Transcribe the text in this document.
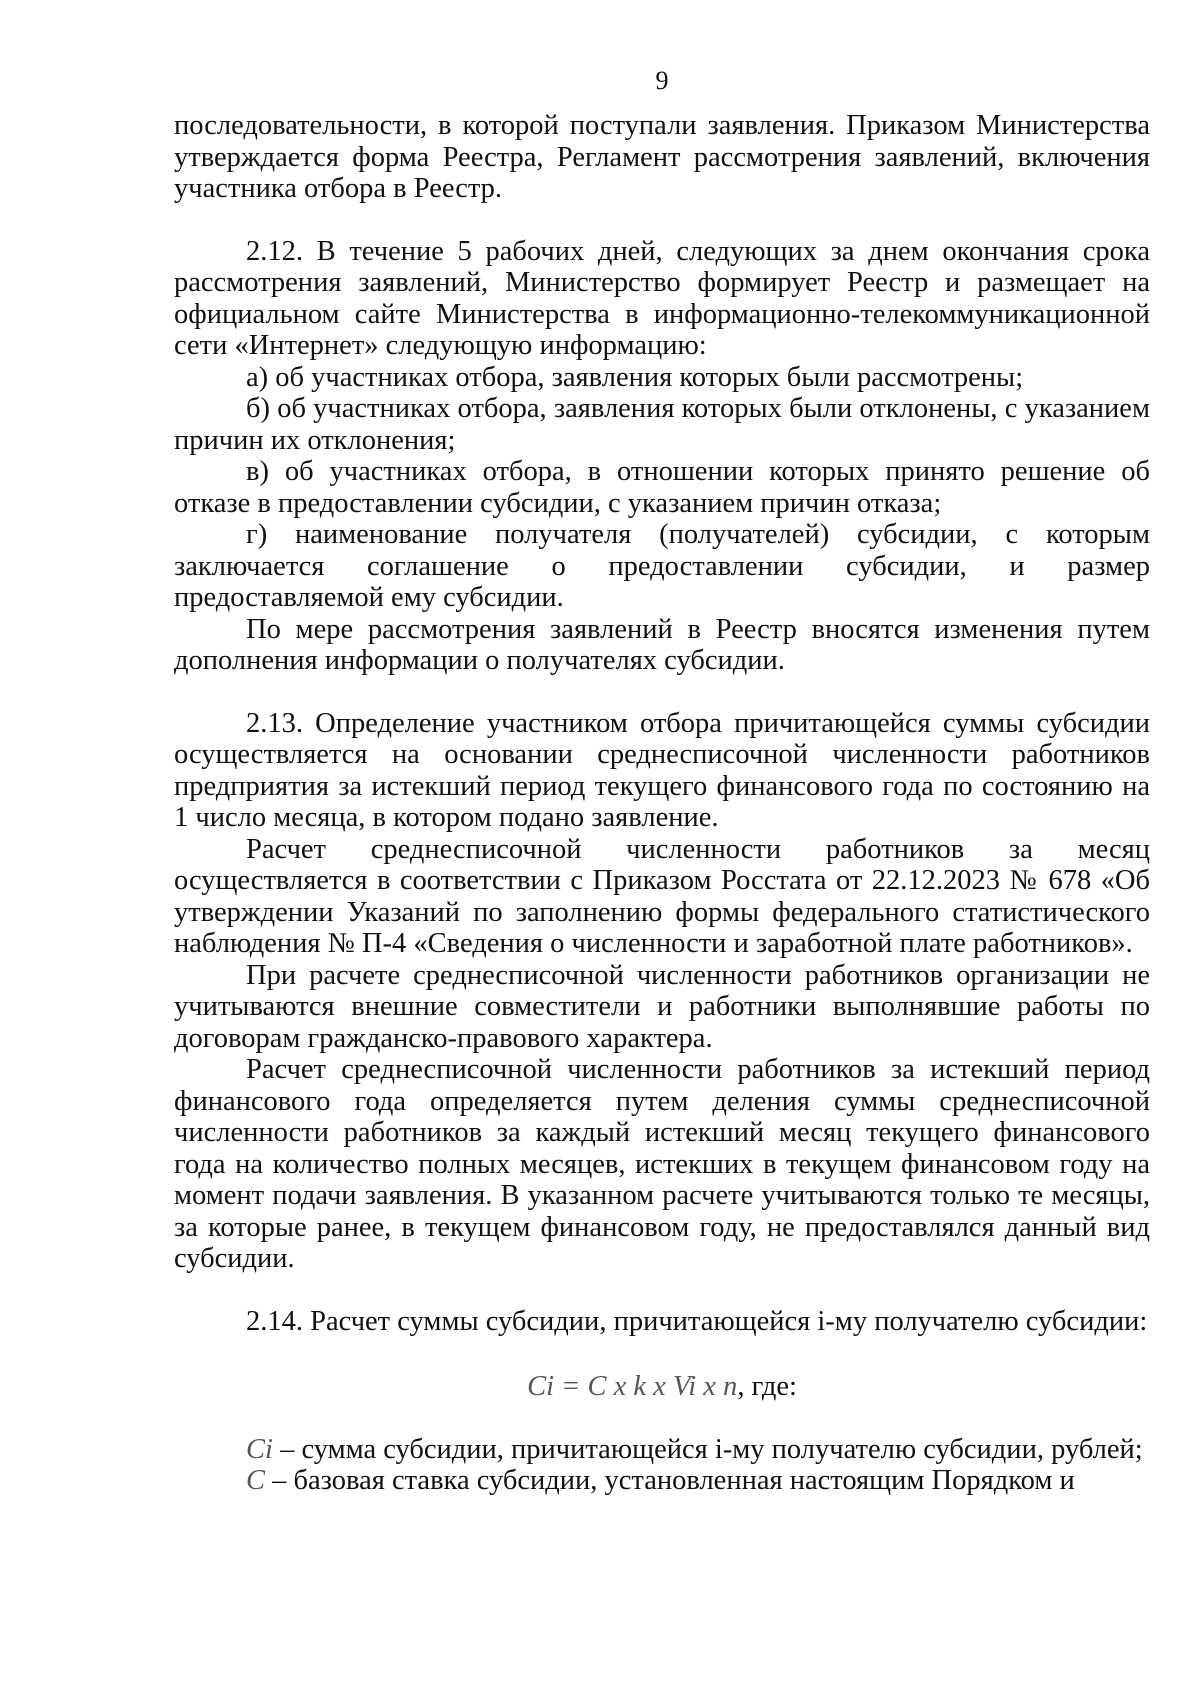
9

последовательности, в которой поступали заявления. Приказом Министерства утверждается форма Реестра, Регламент рассмотрения заявлений, включения участника отбора в Реестр.

2.12. В течение 5 рабочих дней, следующих за днем окончания срока рассмотрения заявлений, Министерство формирует Реестр и размещает на официальном сайте Министерства в информационно-телекоммуникационной сети «Интернет» следующую информацию:

а) об участниках отбора, заявления которых были рассмотрены;

б) об участниках отбора, заявления которых были отклонены, с указанием причин их отклонения;

в) об участниках отбора, в отношении которых принято решение об отказе в предоставлении субсидии, с указанием причин отказа;

г) наименование получателя (получателей) субсидии, с которым заключается соглашение о предоставлении субсидии, и размер предоставляемой ему субсидии.

По мере рассмотрения заявлений в Реестр вносятся изменения путем дополнения информации о получателях субсидии.

2.13. Определение участником отбора причитающейся суммы субсидии осуществляется на основании среднесписочной численности работников предприятия за истекший период текущего финансового года по состоянию на 1 число месяца, в котором подано заявление.

Расчет среднесписочной численности работников за месяц осуществляется в соответствии с Приказом Росстата от 22.12.2023 № 678 «Об утверждении Указаний по заполнению формы федерального статистического наблюдения № П-4 «Сведения о численности и заработной плате работников».

При расчете среднесписочной численности работников организации не учитываются внешние совместители и работники выполнявшие работы по договорам гражданско-правового характера.

Расчет среднесписочной численности работников за истекший период финансового года определяется путем деления суммы среднесписочной численности работников за каждый истекший месяц текущего финансового года на количество полных месяцев, истекших в текущем финансовом году на момент подачи заявления. В указанном расчете учитываются только те месяцы, за которые ранее, в текущем финансовом году, не предоставлялся данный вид субсидии.

2.14. Расчет суммы субсидии, причитающейся i-му получателю субсидии:

Ci = C x k x Vi x n, где:

Ci – сумма субсидии, причитающейся i-му получателю субсидии, рублей;

C – базовая ставка субсидии, установленная настоящим Порядком и
